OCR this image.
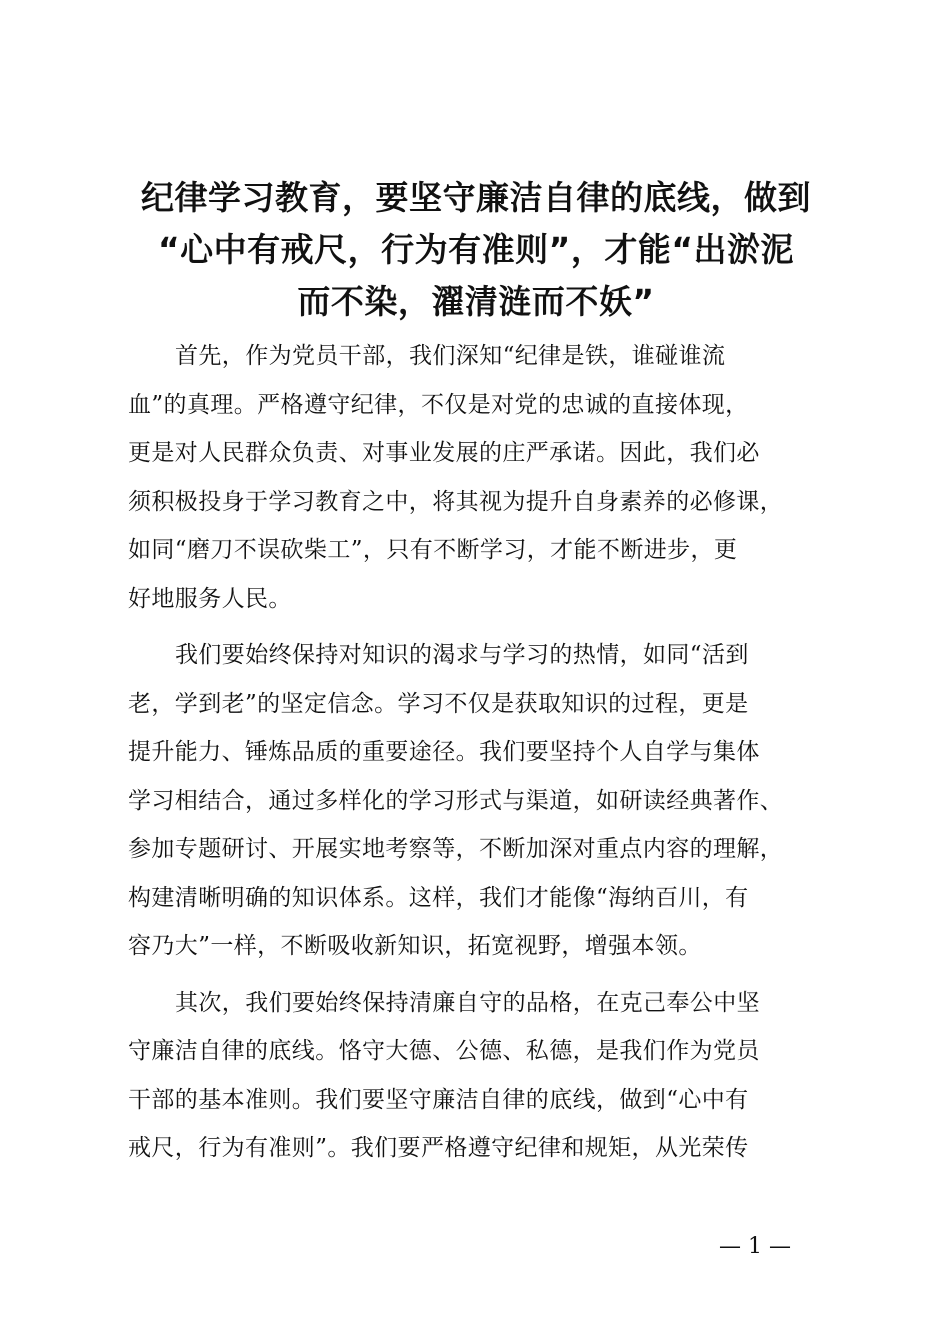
纪律学习教育，要坚守廉洁自律的底线，做到
“心中有戒尺，行为有准则”，才能“出淤泥
而不染，濯清涟而不妖”

首先，作为党员干部，我们深知“纪律是铁，谁碰谁流
血”的真理。严格遵守纪律，不仅是对党的忠诚的直接体现，
更是对人民群众负责、对事业发展的庄严承诺。因此，我们必
须积极投身于学习教育之中，将其视为提升自身素养的必修课，
如同“磨刀不误砍柴工”，只有不断学习，才能不断进步，更
好地服务人民。

我们要始终保持对知识的渴求与学习的热情，如同“活到
老，学到老”的坚定信念。学习不仅是获取知识的过程，更是
提升能力、锤炼品质的重要途径。我们要坚持个人自学与集体
学习相结合，通过多样化的学习形式与渠道，如研读经典著作、
参加专题研讨、开展实地考察等，不断加深对重点内容的理解，
构建清晰明确的知识体系。这样，我们才能像“海纳百川，有
容乃大”一样，不断吸收新知识，拓宽视野，增强本领。

其次，我们要始终保持清廉自守的品格，在克己奉公中坚
守廉洁自律的底线。恪守大德、公德、私德，是我们作为党员
干部的基本准则。我们要坚守廉洁自律的底线，做到“心中有
戒尺，行为有准则”。我们要严格遵守纪律和规矩，从光荣传

— 1 —
